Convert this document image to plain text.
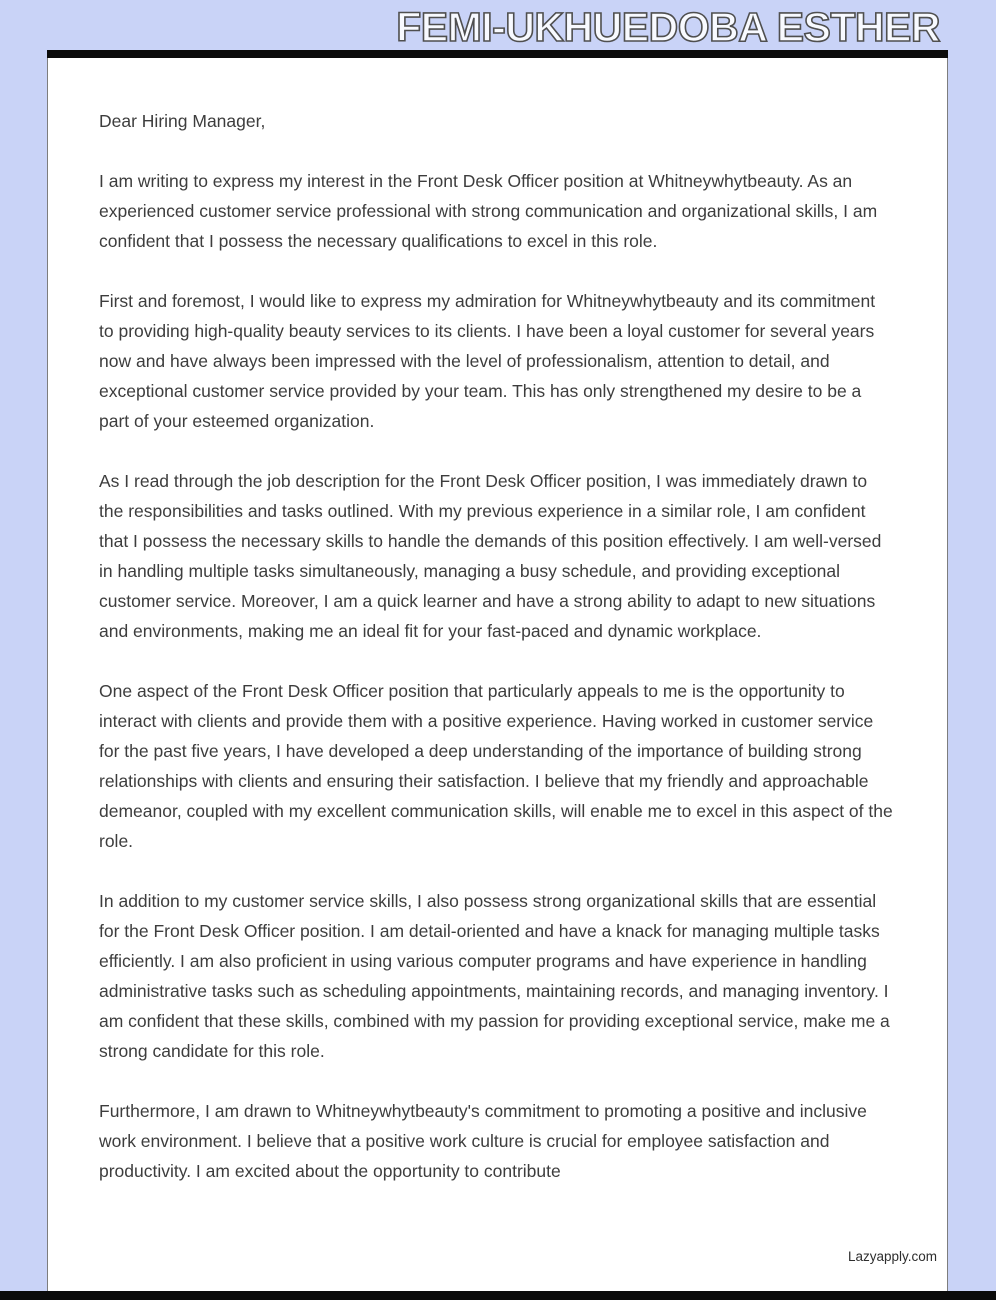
FEMI-UKHUEDOBA ESTHER

Dear Hiring Manager,

I am writing to express my interest in the Front Desk Officer position at Whitneywhytbeauty. As an experienced customer service professional with strong communication and organizational skills, I am confident that I possess the necessary qualifications to excel in this role.

First and foremost, I would like to express my admiration for Whitneywhytbeauty and its commitment to providing high-quality beauty services to its clients. I have been a loyal customer for several years now and have always been impressed with the level of professionalism, attention to detail, and exceptional customer service provided by your team. This has only strengthened my desire to be a part of your esteemed organization.

As I read through the job description for the Front Desk Officer position, I was immediately drawn to the responsibilities and tasks outlined. With my previous experience in a similar role, I am confident that I possess the necessary skills to handle the demands of this position effectively. I am well-versed in handling multiple tasks simultaneously, managing a busy schedule, and providing exceptional customer service. Moreover, I am a quick learner and have a strong ability to adapt to new situations and environments, making me an ideal fit for your fast-paced and dynamic workplace.

One aspect of the Front Desk Officer position that particularly appeals to me is the opportunity to interact with clients and provide them with a positive experience. Having worked in customer service for the past five years, I have developed a deep understanding of the importance of building strong relationships with clients and ensuring their satisfaction. I believe that my friendly and approachable demeanor, coupled with my excellent communication skills, will enable me to excel in this aspect of the role.

In addition to my customer service skills, I also possess strong organizational skills that are essential for the Front Desk Officer position. I am detail-oriented and have a knack for managing multiple tasks efficiently. I am also proficient in using various computer programs and have experience in handling administrative tasks such as scheduling appointments, maintaining records, and managing inventory. I am confident that these skills, combined with my passion for providing exceptional service, make me a strong candidate for this role.

Furthermore, I am drawn to Whitneywhytbeauty's commitment to promoting a positive and inclusive work environment. I believe that a positive work culture is crucial for employee satisfaction and productivity. I am excited about the opportunity to contribute

Lazyapply.com
